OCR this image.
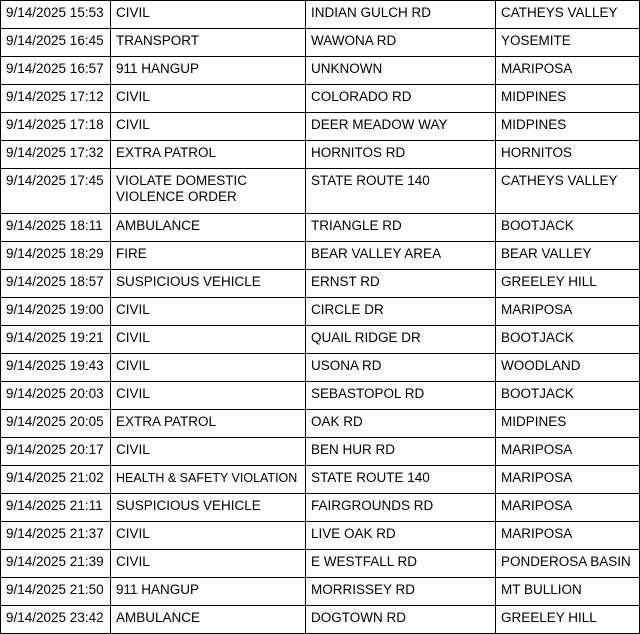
9/14/2025 15:53	CIVIL	INDIAN GULCH RD	CATHEYS VALLEY
9/14/2025 16:45	TRANSPORT	WAWONA RD	YOSEMITE
9/14/2025 16:57	911 HANGUP	UNKNOWN	MARIPOSA
9/14/2025 17:12	CIVIL	COLORADO RD	MIDPINES
9/14/2025 17:18	CIVIL	DEER MEADOW WAY	MIDPINES
9/14/2025 17:32	EXTRA PATROL	HORNITOS RD	HORNITOS
9/14/2025 17:45	VIOLATE DOMESTIC VIOLENCE ORDER	STATE ROUTE 140	CATHEYS VALLEY
9/14/2025 18:11	AMBULANCE	TRIANGLE RD	BOOTJACK
9/14/2025 18:29	FIRE	BEAR VALLEY AREA	BEAR VALLEY
9/14/2025 18:57	SUSPICIOUS VEHICLE	ERNST RD	GREELEY HILL
9/14/2025 19:00	CIVIL	CIRCLE DR	MARIPOSA
9/14/2025 19:21	CIVIL	QUAIL RIDGE DR	BOOTJACK
9/14/2025 19:43	CIVIL	USONA RD	WOODLAND
9/14/2025 20:03	CIVIL	SEBASTOPOL RD	BOOTJACK
9/14/2025 20:05	EXTRA PATROL	OAK RD	MIDPINES
9/14/2025 20:17	CIVIL	BEN HUR RD	MARIPOSA
9/14/2025 21:02	HEALTH & SAFETY VIOLATION	STATE ROUTE 140	MARIPOSA
9/14/2025 21:11	SUSPICIOUS VEHICLE	FAIRGROUNDS RD	MARIPOSA
9/14/2025 21:37	CIVIL	LIVE OAK RD	MARIPOSA
9/14/2025 21:39	CIVIL	E WESTFALL RD	PONDEROSA BASIN
9/14/2025 21:50	911 HANGUP	MORRISSEY RD	MT BULLION
9/14/2025 23:42	AMBULANCE	DOGTOWN RD	GREELEY HILL
